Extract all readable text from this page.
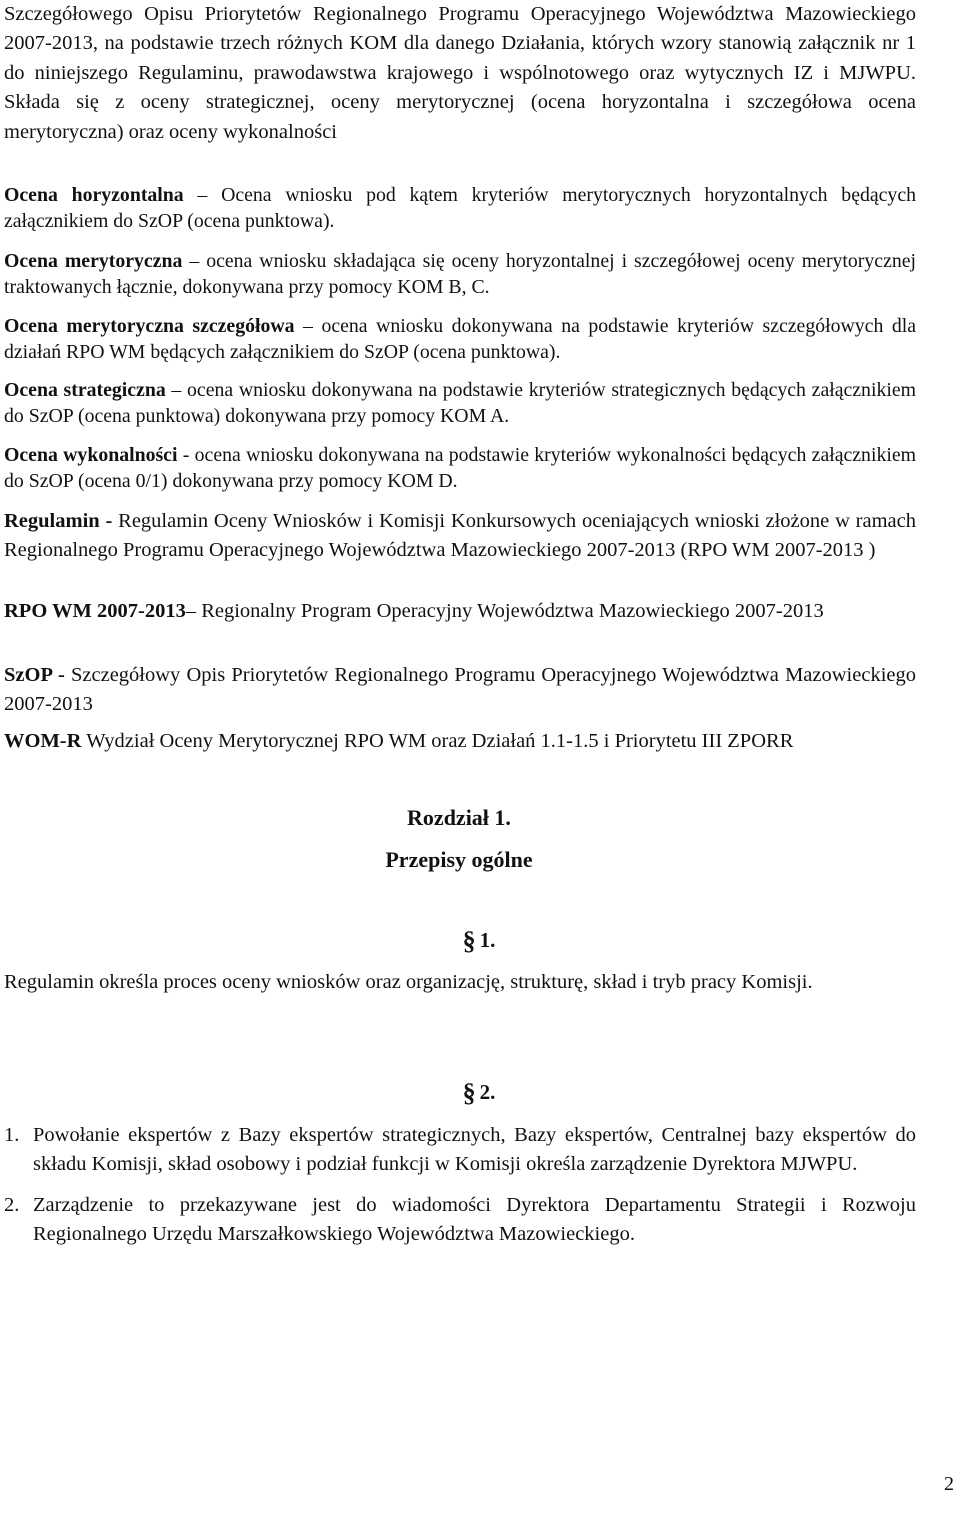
Szczegółowego Opisu Priorytetów Regionalnego Programu Operacyjnego Województwa Mazowieckiego 2007-2013, na podstawie trzech różnych KOM dla danego Działania, których wzory stanowią załącznik nr 1 do niniejszego Regulaminu, prawodawstwa krajowego i wspólnotowego oraz wytycznych IZ i MJWPU. Składa się z oceny strategicznej, oceny merytorycznej (ocena horyzontalna i szczegółowa ocena merytoryczna) oraz oceny wykonalności

Ocena horyzontalna – Ocena wniosku pod kątem kryteriów merytorycznych horyzontalnych będących załącznikiem do SzOP (ocena punktowa).

Ocena merytoryczna – ocena wniosku składająca się oceny horyzontalnej i szczegółowej oceny merytorycznej traktowanych łącznie, dokonywana przy pomocy KOM B, C.

Ocena merytoryczna szczegółowa – ocena wniosku dokonywana na podstawie kryteriów szczegółowych dla działań RPO WM będących załącznikiem do SzOP (ocena punktowa).

Ocena strategiczna – ocena wniosku dokonywana na podstawie kryteriów strategicznych będących załącznikiem do SzOP (ocena punktowa) dokonywana przy pomocy KOM A.

Ocena wykonalności - ocena wniosku dokonywana na podstawie kryteriów wykonalności będących załącznikiem do SzOP (ocena 0/1) dokonywana przy pomocy KOM D.

Regulamin - Regulamin Oceny Wniosków i Komisji Konkursowych oceniających wnioski złożone w ramach Regionalnego Programu Operacyjnego Województwa Mazowieckiego 2007-2013 (RPO WM 2007-2013 )

RPO WM 2007-2013– Regionalny Program Operacyjny Województwa Mazowieckiego 2007-2013

SzOP - Szczegółowy Opis Priorytetów Regionalnego Programu Operacyjnego Województwa Mazowieckiego 2007-2013

WOM-R Wydział Oceny Merytorycznej RPO WM oraz Działań 1.1-1.5 i Priorytetu III ZPORR

Rozdział 1.
Przepisy ogólne
§ 1.

Regulamin określa proces oceny wniosków oraz organizację, strukturę, skład i tryb pracy Komisji.

§ 2.
1. Powołanie ekspertów z Bazy ekspertów strategicznych, Bazy ekspertów, Centralnej bazy ekspertów do składu Komisji, skład osobowy i podział funkcji w Komisji określa zarządzenie Dyrektora MJWPU.
2. Zarządzenie to przekazywane jest do wiadomości Dyrektora Departamentu Strategii i Rozwoju Regionalnego Urzędu Marszałkowskiego Województwa Mazowieckiego.
2
